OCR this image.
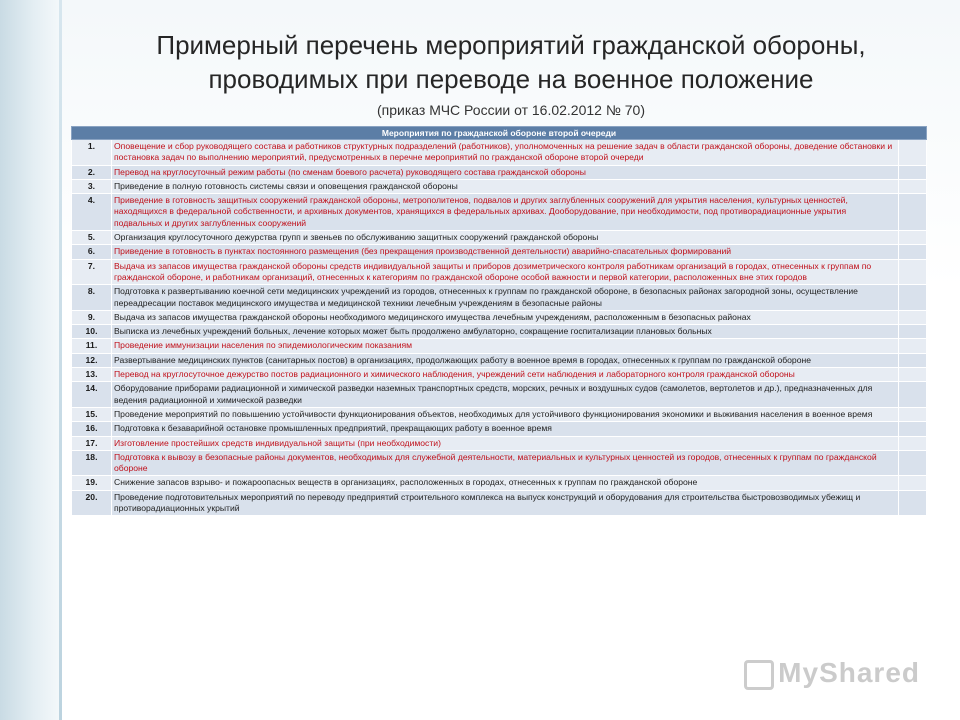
Примерный перечень мероприятий гражданской обороны,
проводимых при переводе на военное положение
(приказ МЧС России от 16.02.2012 № 70)
Мероприятия по гражданской обороне второй очереди		
1.	Оповещение и сбор руководящего состава и работников структурных подразделений (работников), уполномоченных на решение задач в области гражданской обороны, доведение обстановки и постановка задач по выполнению мероприятий, предусмотренных в перечне мероприятий по гражданской обороне второй очереди	
2.	Перевод на круглосуточный режим работы (по сменам боевого расчета) руководящего состава гражданской обороны	
3.	Приведение в полную готовность системы связи и оповещения гражданской обороны	
4.	Приведение в готовность защитных сооружений гражданской обороны, метрополитенов, подвалов и других заглубленных сооружений для укрытия населения, культурных ценностей, находящихся в федеральной собственности, и архивных документов, хранящихся в федеральных архивах. Дооборудование, при необходимости, под противорадиационные укрытия подвальных и других заглубленных сооружений	
5.	Организация круглосуточного дежурства групп и звеньев по обслуживанию защитных сооружений гражданской обороны	
6.	Приведение в готовность в пунктах постоянного размещения (без прекращения производственной деятельности) аварийно-спасательных формирований	
7.	Выдача из запасов имущества гражданской обороны средств индивидуальной защиты и приборов дозиметрического контроля работникам организаций в городах, отнесенных к группам по гражданской обороне, и работникам организаций, отнесенных к категориям по гражданской обороне особой важности и первой категории, расположенных вне этих городов	
8.	Подготовка к развертыванию коечной сети медицинских учреждений из городов, отнесенных к группам по гражданской обороне, в безопасных районах загородной зоны, осуществление переадресации поставок медицинского имущества и медицинской техники лечебным учреждениям в безопасные районы	
9.	Выдача из запасов имущества гражданской обороны необходимого медицинского имущества лечебным учреждениям, расположенным в безопасных районах	
10.	Выписка из лечебных учреждений больных, лечение которых может быть продолжено амбулаторно, сокращение госпитализации плановых больных	
11.	Проведение иммунизации населения по эпидемиологическим показаниям	
12.	Развертывание медицинских пунктов (санитарных постов) в организациях, продолжающих работу в военное время в городах, отнесенных к группам по гражданской обороне	
13.	Перевод на круглосуточное дежурство постов радиационного и химического наблюдения, учреждений сети наблюдения и лабораторного контроля гражданской обороны	
14.	Оборудование приборами радиационной и химической разведки наземных транспортных средств, морских, речных и воздушных судов (самолетов, вертолетов и др.), предназначенных для ведения радиационной и химической разведки	
15.	Проведение мероприятий по повышению устойчивости функционирования объектов, необходимых для устойчивого функционирования экономики и выживания населения в военное время	
16.	Подготовка к безаварийной остановке промышленных предприятий, прекращающих работу в военное время	
17.	Изготовление простейших средств индивидуальной защиты (при необходимости)	
18.	Подготовка к вывозу в безопасные районы документов, необходимых для служебной деятельности, материальных и культурных ценностей из городов, отнесенных к группам по гражданской обороне	
19.	Снижение запасов взрыво- и пожароопасных веществ в организациях, расположенных в городах, отнесенных к группам по гражданской обороне	
20.	Проведение подготовительных мероприятий по переводу предприятий строительного комплекса на выпуск конструкций и оборудования для строительства быстровозводимых убежищ и противорадиационных укрытий	
MyShared
